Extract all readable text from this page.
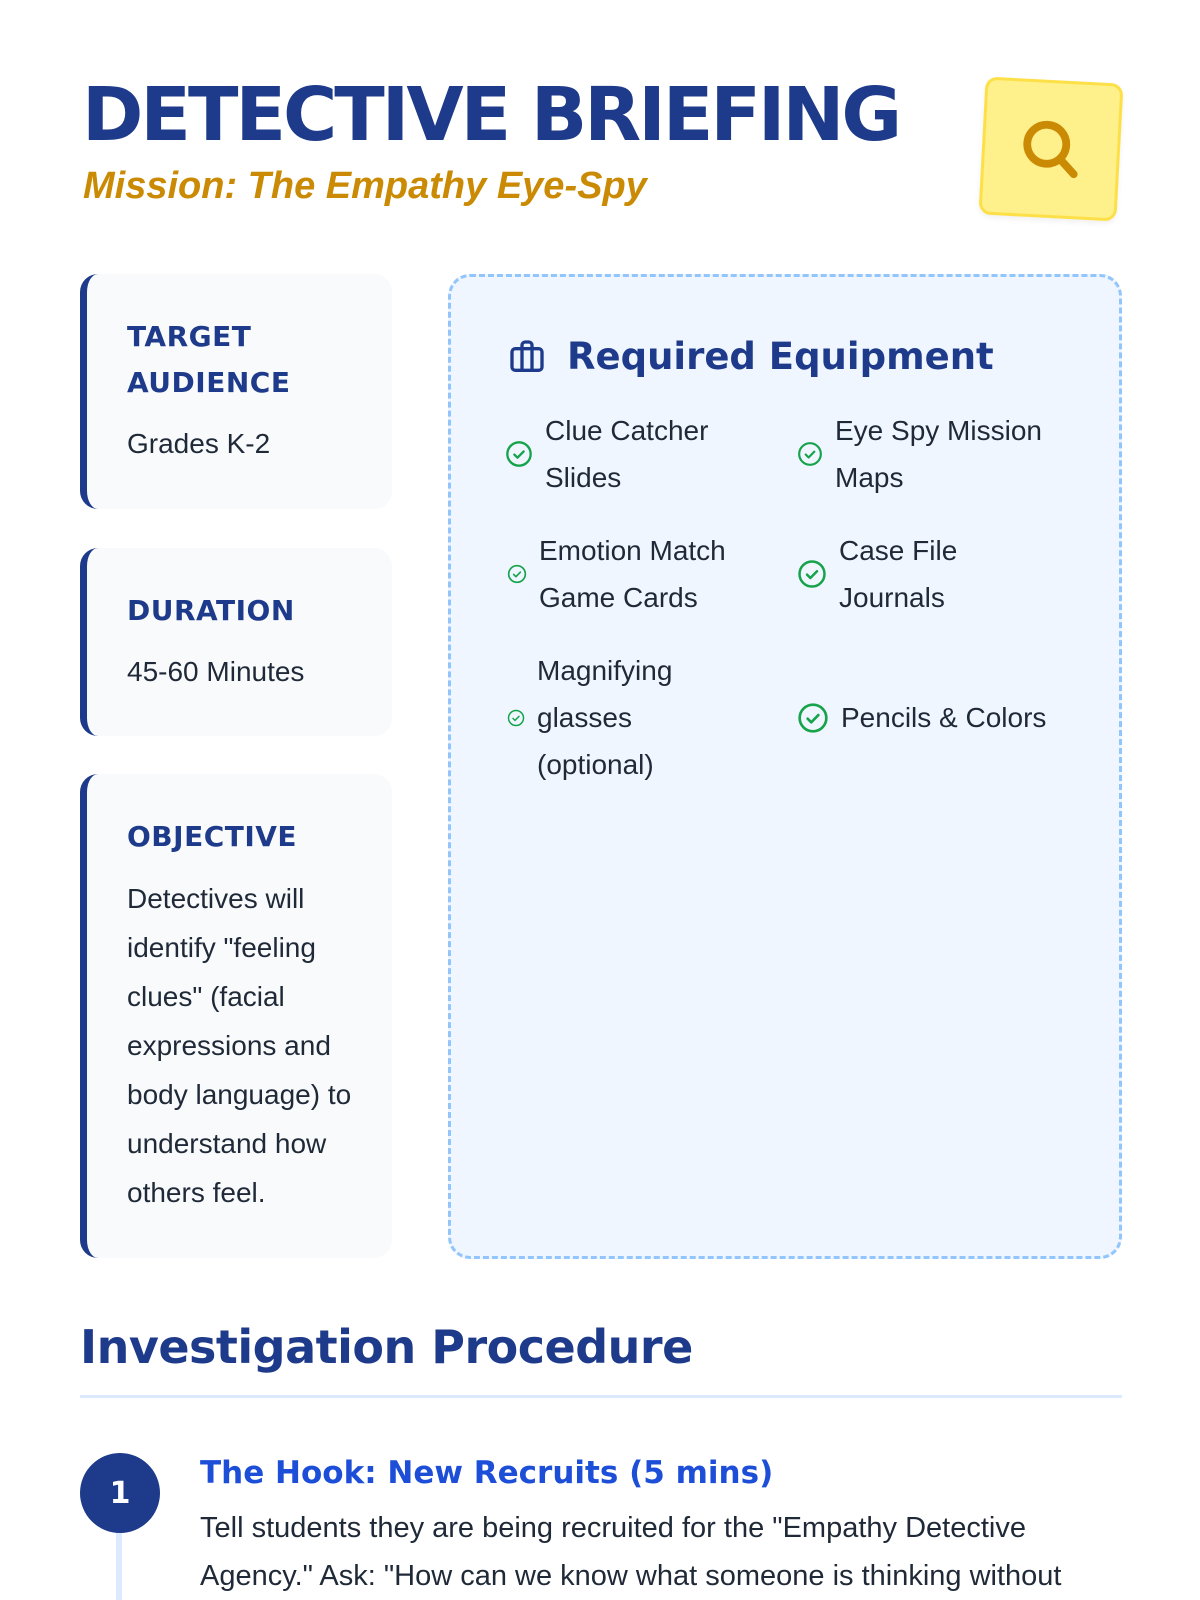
DETECTIVE BRIEFING
Mission: The Empathy Eye-Spy
TARGET AUDIENCE

Grades K-2

DURATION

45-60 Minutes

OBJECTIVE

Detectives will identify "feeling clues" (facial expressions and body language) to understand how others feel.

Required Equipment
Clue Catcher Slides
Eye Spy Mission Maps
Emotion Match Game Cards
Case File Journals
Magnifying glasses (optional)
Pencils & Colors
Investigation Procedure
1
The Hook: New Recruits (5 mins)

Tell students they are being recruited for the "Empathy Detective Agency." Ask: "How can we know what someone is thinking without
